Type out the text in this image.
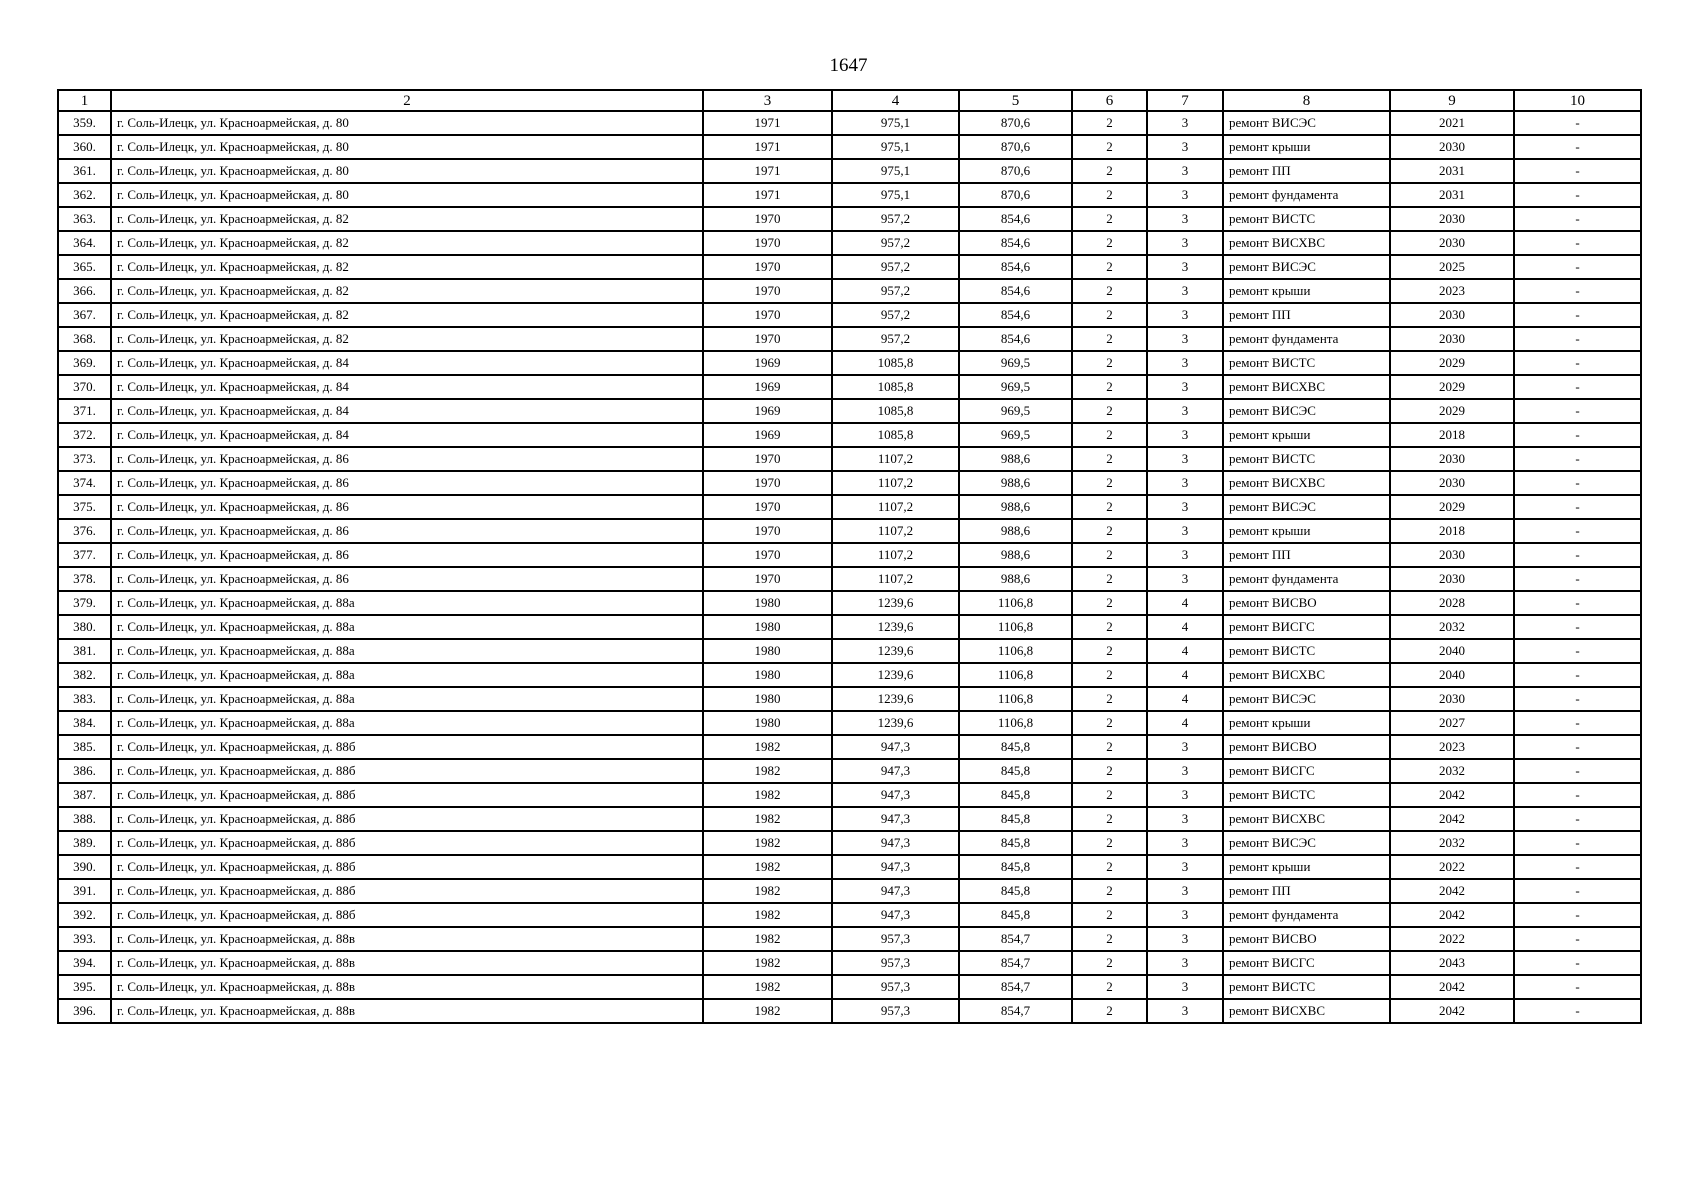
1647
1	2	3	4	5	6	7	8	9	10
359.	г. Соль-Илецк, ул. Красноармейская, д. 80	1971	975,1	870,6	2	3	ремонт ВИСЭС	2021	-
360.	г. Соль-Илецк, ул. Красноармейская, д. 80	1971	975,1	870,6	2	3	ремонт крыши	2030	-
361.	г. Соль-Илецк, ул. Красноармейская, д. 80	1971	975,1	870,6	2	3	ремонт ПП	2031	-
362.	г. Соль-Илецк, ул. Красноармейская, д. 80	1971	975,1	870,6	2	3	ремонт фундамента	2031	-
363.	г. Соль-Илецк, ул. Красноармейская, д. 82	1970	957,2	854,6	2	3	ремонт ВИСТС	2030	-
364.	г. Соль-Илецк, ул. Красноармейская, д. 82	1970	957,2	854,6	2	3	ремонт ВИСХВС	2030	-
365.	г. Соль-Илецк, ул. Красноармейская, д. 82	1970	957,2	854,6	2	3	ремонт ВИСЭС	2025	-
366.	г. Соль-Илецк, ул. Красноармейская, д. 82	1970	957,2	854,6	2	3	ремонт крыши	2023	-
367.	г. Соль-Илецк, ул. Красноармейская, д. 82	1970	957,2	854,6	2	3	ремонт ПП	2030	-
368.	г. Соль-Илецк, ул. Красноармейская, д. 82	1970	957,2	854,6	2	3	ремонт фундамента	2030	-
369.	г. Соль-Илецк, ул. Красноармейская, д. 84	1969	1085,8	969,5	2	3	ремонт ВИСТС	2029	-
370.	г. Соль-Илецк, ул. Красноармейская, д. 84	1969	1085,8	969,5	2	3	ремонт ВИСХВС	2029	-
371.	г. Соль-Илецк, ул. Красноармейская, д. 84	1969	1085,8	969,5	2	3	ремонт ВИСЭС	2029	-
372.	г. Соль-Илецк, ул. Красноармейская, д. 84	1969	1085,8	969,5	2	3	ремонт крыши	2018	-
373.	г. Соль-Илецк, ул. Красноармейская, д. 86	1970	1107,2	988,6	2	3	ремонт ВИСТС	2030	-
374.	г. Соль-Илецк, ул. Красноармейская, д. 86	1970	1107,2	988,6	2	3	ремонт ВИСХВС	2030	-
375.	г. Соль-Илецк, ул. Красноармейская, д. 86	1970	1107,2	988,6	2	3	ремонт ВИСЭС	2029	-
376.	г. Соль-Илецк, ул. Красноармейская, д. 86	1970	1107,2	988,6	2	3	ремонт крыши	2018	-
377.	г. Соль-Илецк, ул. Красноармейская, д. 86	1970	1107,2	988,6	2	3	ремонт ПП	2030	-
378.	г. Соль-Илецк, ул. Красноармейская, д. 86	1970	1107,2	988,6	2	3	ремонт фундамента	2030	-
379.	г. Соль-Илецк, ул. Красноармейская, д. 88а	1980	1239,6	1106,8	2	4	ремонт ВИСВО	2028	-
380.	г. Соль-Илецк, ул. Красноармейская, д. 88а	1980	1239,6	1106,8	2	4	ремонт ВИСГС	2032	-
381.	г. Соль-Илецк, ул. Красноармейская, д. 88а	1980	1239,6	1106,8	2	4	ремонт ВИСТС	2040	-
382.	г. Соль-Илецк, ул. Красноармейская, д. 88а	1980	1239,6	1106,8	2	4	ремонт ВИСХВС	2040	-
383.	г. Соль-Илецк, ул. Красноармейская, д. 88а	1980	1239,6	1106,8	2	4	ремонт ВИСЭС	2030	-
384.	г. Соль-Илецк, ул. Красноармейская, д. 88а	1980	1239,6	1106,8	2	4	ремонт крыши	2027	-
385.	г. Соль-Илецк, ул. Красноармейская, д. 88б	1982	947,3	845,8	2	3	ремонт ВИСВО	2023	-
386.	г. Соль-Илецк, ул. Красноармейская, д. 88б	1982	947,3	845,8	2	3	ремонт ВИСГС	2032	-
387.	г. Соль-Илецк, ул. Красноармейская, д. 88б	1982	947,3	845,8	2	3	ремонт ВИСТС	2042	-
388.	г. Соль-Илецк, ул. Красноармейская, д. 88б	1982	947,3	845,8	2	3	ремонт ВИСХВС	2042	-
389.	г. Соль-Илецк, ул. Красноармейская, д. 88б	1982	947,3	845,8	2	3	ремонт ВИСЭС	2032	-
390.	г. Соль-Илецк, ул. Красноармейская, д. 88б	1982	947,3	845,8	2	3	ремонт крыши	2022	-
391.	г. Соль-Илецк, ул. Красноармейская, д. 88б	1982	947,3	845,8	2	3	ремонт ПП	2042	-
392.	г. Соль-Илецк, ул. Красноармейская, д. 88б	1982	947,3	845,8	2	3	ремонт фундамента	2042	-
393.	г. Соль-Илецк, ул. Красноармейская, д. 88в	1982	957,3	854,7	2	3	ремонт ВИСВО	2022	-
394.	г. Соль-Илецк, ул. Красноармейская, д. 88в	1982	957,3	854,7	2	3	ремонт ВИСГС	2043	-
395.	г. Соль-Илецк, ул. Красноармейская, д. 88в	1982	957,3	854,7	2	3	ремонт ВИСТС	2042	-
396.	г. Соль-Илецк, ул. Красноармейская, д. 88в	1982	957,3	854,7	2	3	ремонт ВИСХВС	2042	-
